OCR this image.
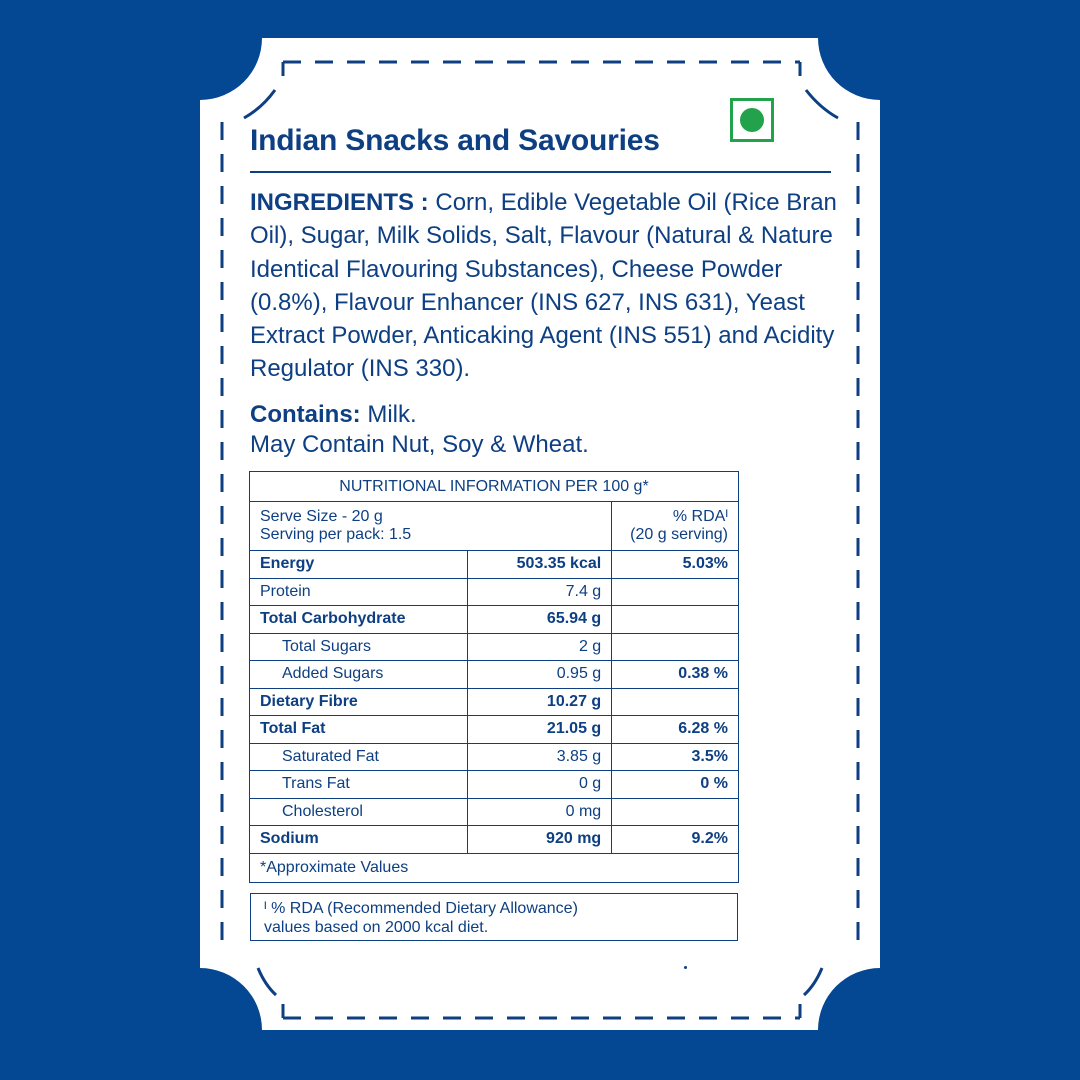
Indian Snacks and Savouries

INGREDIENTS : Corn, Edible Vegetable Oil (Rice Bran Oil), Sugar, Milk Solids, Salt, Flavour (Natural & Nature Identical Flavouring Substances), Cheese Powder (0.8%), Flavour Enhancer (INS 627, INS 631), Yeast Extract Powder, Anticaking Agent (INS 551) and Acidity Regulator (INS 330).

Contains: Milk.
May Contain Nut, Soy & Wheat.

NUTRITIONAL INFORMATION PER 100 g*		
Serve Size - 20 g
Serving per pack: 1.5		% RDAᴵ
(20 g serving)
Energy	503.35 kcal	5.03%
Protein	7.4 g	
Total Carbohydrate	65.94 g	
Total Sugars	2 g	
Added Sugars	0.95 g	0.38 %
Dietary Fibre	10.27 g	
Total Fat	21.05 g	6.28 %
Saturated Fat	3.85 g	3.5%
Trans Fat	0 g	0 %
Cholesterol	0 mg	
Sodium	920 mg	9.2%
*Approximate Values		
ᴵ % RDA (Recommended Dietary Allowance)
values based on 2000 kcal diet.
